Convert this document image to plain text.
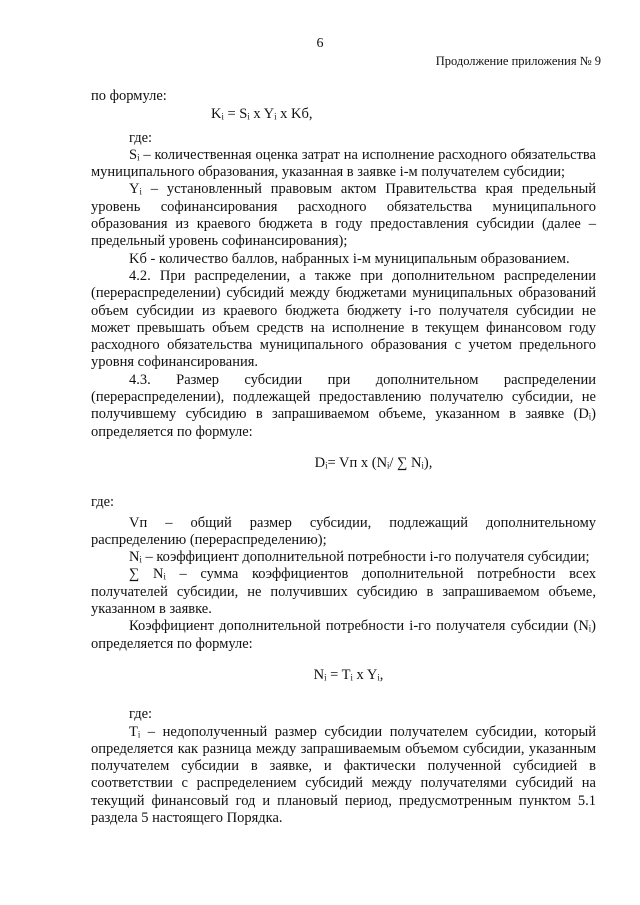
6
Продолжение приложения № 9

по формуле:

Kᵢ = Sᵢ x Yᵢ x Kб,

где:

Sᵢ – количественная оценка затрат на исполнение расходного обязательства муниципального образования, указанная в заявке i-м получателем субсидии;

Yᵢ – установленный правовым актом Правительства края предельный уровень софинансирования расходного обязательства муниципального образования из краевого бюджета в году предоставления субсидии (далее – предельный уровень софинансирования);

Kб - количество баллов, набранных i-м муниципальным образованием.

4.2. При распределении, а также при дополнительном распределении (перераспределении) субсидий между бюджетами муниципальных образований объем субсидии из краевого бюджета бюджету i-го получателя субсидии не может превышать объем средств на исполнение в текущем финансовом году расходного обязательства муниципального образования с учетом предельного уровня софинансирования.

4.3. Размер субсидии при дополнительном распределении (перераспределении), подлежащей предоставлению получателю субсидии, не получившему субсидию в запрашиваемом объеме, указанном в заявке (Dᵢ) определяется по формуле:

Dᵢ= Vп x (Nᵢ/ ∑ Nᵢ),

где:

Vп – общий размер субсидии, подлежащий дополнительному распределению (перераспределению);

Nᵢ – коэффициент дополнительной потребности i-го получателя субсидии;

∑ Nᵢ – сумма коэффициентов дополнительной потребности всех получателей субсидии, не получивших субсидию в запрашиваемом объеме, указанном в заявке.

Коэффициент дополнительной потребности i-го получателя субсидии (Nᵢ) определяется по формуле:

Nᵢ = Tᵢ x Yᵢ,

где:

Tᵢ – недополученный размер субсидии получателем субсидии, который определяется как разница между запрашиваемым объемом субсидии, указанным получателем субсидии в заявке, и фактически полученной субсидией в соответствии с распределением субсидий между получателями субсидий на текущий финансовый год и плановый период, предусмотренным пунктом 5.1 раздела 5 настоящего Порядка.
